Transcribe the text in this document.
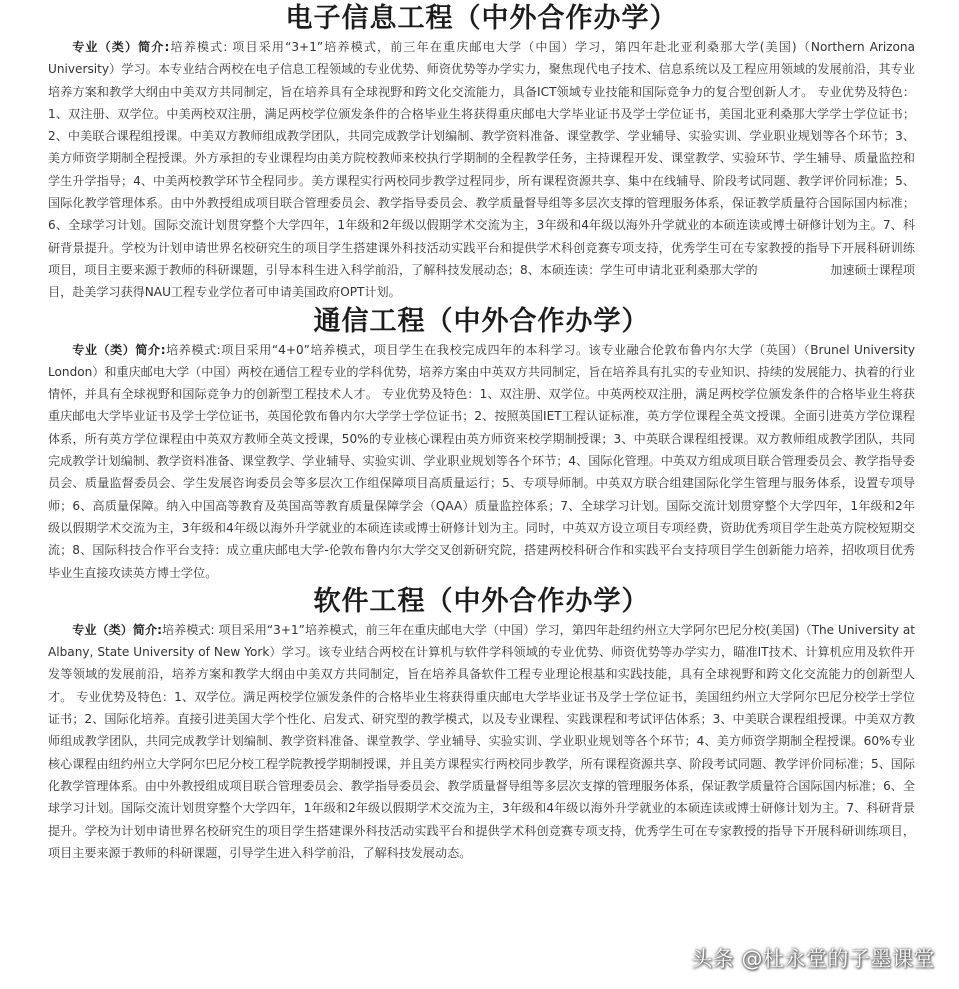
电子信息工程（中外合作办学）

专业（类）简介:培养模式: 项目采用“3+1”培养模式，前三年在重庆邮电大学（中国）学习，第四年赴北亚利桑那大学(美国)（Northern Arizona University）学习。本专业结合两校在电子信息工程领域的专业优势、师资优势等办学实力，聚焦现代电子技术、信息系统以及工程应用领域的发展前沿，其专业培养方案和教学大纲由中美双方共同制定，旨在培养具有全球视野和跨文化交流能力，具备ICT领域专业技能和国际竞争力的复合型创新人才。 专业优势及特色：1、双注册、双学位。中美两校双注册，满足两校学位颁发条件的合格毕业生将获得重庆邮电大学毕业证书及学士学位证书，美国北亚利桑那大学学士学位证书；2、中美联合课程组授课。中美双方教师组成教学团队，共同完成教学计划编制、教学资料准备、课堂教学、学业辅导、实验实训、学业职业规划等各个环节；3、美方师资学期制全程授课。外方承担的专业课程均由美方院校教师来校执行学期制的全程教学任务，主持课程开发、课堂教学、实验环节、学生辅导、质量监控和学生升学指导；4、中美两校教学环节全程同步。美方课程实行两校同步教学过程同步，所有课程资源共享、集中在线辅导、阶段考试同题、教学评价同标准；5、国际化教学管理体系。由中外教授组成项目联合管理委员会、教学指导委员会、教学质量督导组等多层次支撑的管理服务体系，保证教学质量符合国际国内标准；6、全球学习计划。国际交流计划贯穿整个大学四年，1年级和2年级以假期学术交流为主，3年级和4年级以海外升学就业的本硕连读或博士研修计划为主。7、科研背景提升。学校为计划申请世界名校研究生的项目学生搭建课外科技活动实践平台和提供学术科创竞赛专项支持，优秀学生可在专家教授的指导下开展科研训练项目，项目主要来源于教师的科研课题，引导本科生进入科学前沿，了解科技发展动态；8、本硕连读：学生可申请北亚利桑那大学的　　　　　　加速硕士课程项目，赴美学习获得NAU工程专业学位者可申请美国政府OPT计划。

通信工程（中外合作办学）

专业（类）简介:培养模式:项目采用“4+0”培养模式，项目学生在我校完成四年的本科学习。该专业融合伦敦布鲁内尔大学（英国）（Brunel University London）和重庆邮电大学（中国）两校在通信工程专业的学科优势，培养方案由中英双方共同制定，旨在培养具有扎实的专业知识、持续的发展能力、执着的行业情怀，并具有全球视野和国际竞争力的创新型工程技术人才。 专业优势及特色：1、双注册、双学位。中英两校双注册，满足两校学位颁发条件的合格毕业生将获重庆邮电大学毕业证书及学士学位证书，英国伦敦布鲁内尔大学学士学位证书；2、按照英国IET工程认证标准，英方学位课程全英文授课。全面引进英方学位课程体系，所有英方学位课程由中英双方教师全英文授课，50%的专业核心课程由英方师资来校学期制授课；3、中英联合课程组授课。双方教师组成教学团队，共同完成教学计划编制、教学资料准备、课堂教学、学业辅导、实验实训、学业职业规划等各个环节；4、国际化管理。中英双方组成项目联合管理委员会、教学指导委员会、质量监督委员会、学生发展咨询委员会等多层次工作组保障项目高质量运行；5、专项导师制。中英双方联合组建国际化学生管理与服务体系，设置专项导师；6、高质量保障。纳入中国高等教育及英国高等教育质量保障学会（QAA）质量监控体系；7、全球学习计划。国际交流计划贯穿整个大学四年，1年级和2年级以假期学术交流为主，3年级和4年级以海外升学就业的本硕连读或博士研修计划为主。同时，中英双方设立项目专项经费，资助优秀项目学生赴英方院校短期交流；8、国际科技合作平台支持：成立重庆邮电大学-伦敦布鲁内尔大学交叉创新研究院，搭建两校科研合作和实践平台支持项目学生创新能力培养，招收项目优秀毕业生直接攻读英方博士学位。

软件工程（中外合作办学）

专业（类）简介:培养模式: 项目采用“3+1”培养模式，前三年在重庆邮电大学（中国）学习，第四年赴纽约州立大学阿尔巴尼分校(美国)（The University at Albany, State University of New York）学习。该专业结合两校在计算机与软件学科领域的专业优势、师资优势等办学实力，瞄准IT技术、计算机应用及软件开发等领域的发展前沿，培养方案和教学大纲由中美双方共同制定，旨在培养具备软件工程专业理论根基和实践技能，具有全球视野和跨文化交流能力的创新型人才。 专业优势及特色：1、双学位。满足两校学位颁发条件的合格毕业生将获得重庆邮电大学毕业证书及学士学位证书，美国纽约州立大学阿尔巴尼分校学士学位证书；2、国际化培养。直接引进美国大学个性化、启发式、研究型的教学模式，以及专业课程、实践课程和考试评估体系；3、中美联合课程组授课。中美双方教师组成教学团队，共同完成教学计划编制、教学资料准备、课堂教学、学业辅导、实验实训、学业职业规划等各个环节；4、美方师资学期制全程授课。60%专业核心课程由纽约州立大学阿尔巴尼分校工程学院教授学期制授课，并且美方课程实行两校同步教学，所有课程资源共享、阶段考试同题、教学评价同标准；5、国际化教学管理体系。由中外教授组成项目联合管理委员会、教学指导委员会、教学质量督导组等多层次支撑的管理服务体系，保证教学质量符合国际国内标准；6、全球学习计划。国际交流计划贯穿整个大学四年，1年级和2年级以假期学术交流为主，3年级和4年级以海外升学就业的本硕连读或博士研修计划为主。7、科研背景提升。学校为计划申请世界名校研究生的项目学生搭建课外科技活动实践平台和提供学术科创竞赛专项支持，优秀学生可在专家教授的指导下开展科研训练项目，项目主要来源于教师的科研课题，引导学生进入科学前沿，了解科技发展动态。

头条 @杜永堂的子墨课堂
